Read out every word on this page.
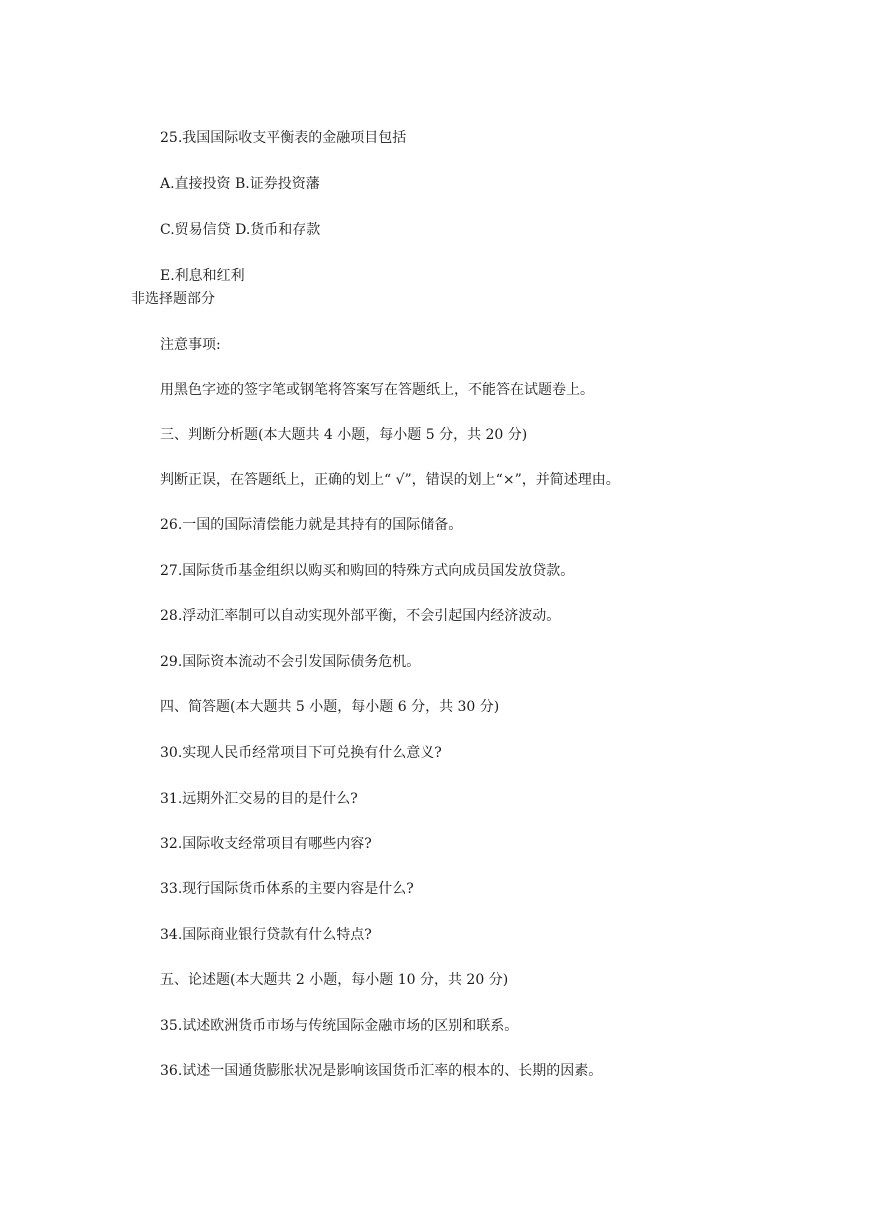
25.我国国际收支平衡表的金融项目包括
A.直接投资 B.证券投资藩
C.贸易信贷 D.货币和存款
E.利息和红利
非选择题部分
注意事项:
用黑色字迹的签字笔或钢笔将答案写在答题纸上，不能答在试题卷上。
三、判断分析题(本大题共 4 小题，每小题 5 分，共 20 分)
判断正误，在答题纸上，正确的划上“ √”，错误的划上“×”，并简述理由。
26.一国的国际清偿能力就是其持有的国际储备。
27.国际货币基金组织以购买和购回的特殊方式向成员国发放贷款。
28.浮动汇率制可以自动实现外部平衡，不会引起国内经济波动。
29.国际资本流动不会引发国际债务危机。
四、简答题(本大题共 5 小题，每小题 6 分，共 30 分)
30.实现人民币经常项目下可兑换有什么意义?
31.远期外汇交易的目的是什么?
32.国际收支经常项目有哪些内容?
33.现行国际货币体系的主要内容是什么?
34.国际商业银行贷款有什么特点?
五、论述题(本大题共 2 小题，每小题 10 分，共 20 分)
35.试述欧洲货币市场与传统国际金融市场的区别和联系。
36.试述一国通货膨胀状况是影响该国货币汇率的根本的、长期的因素。
